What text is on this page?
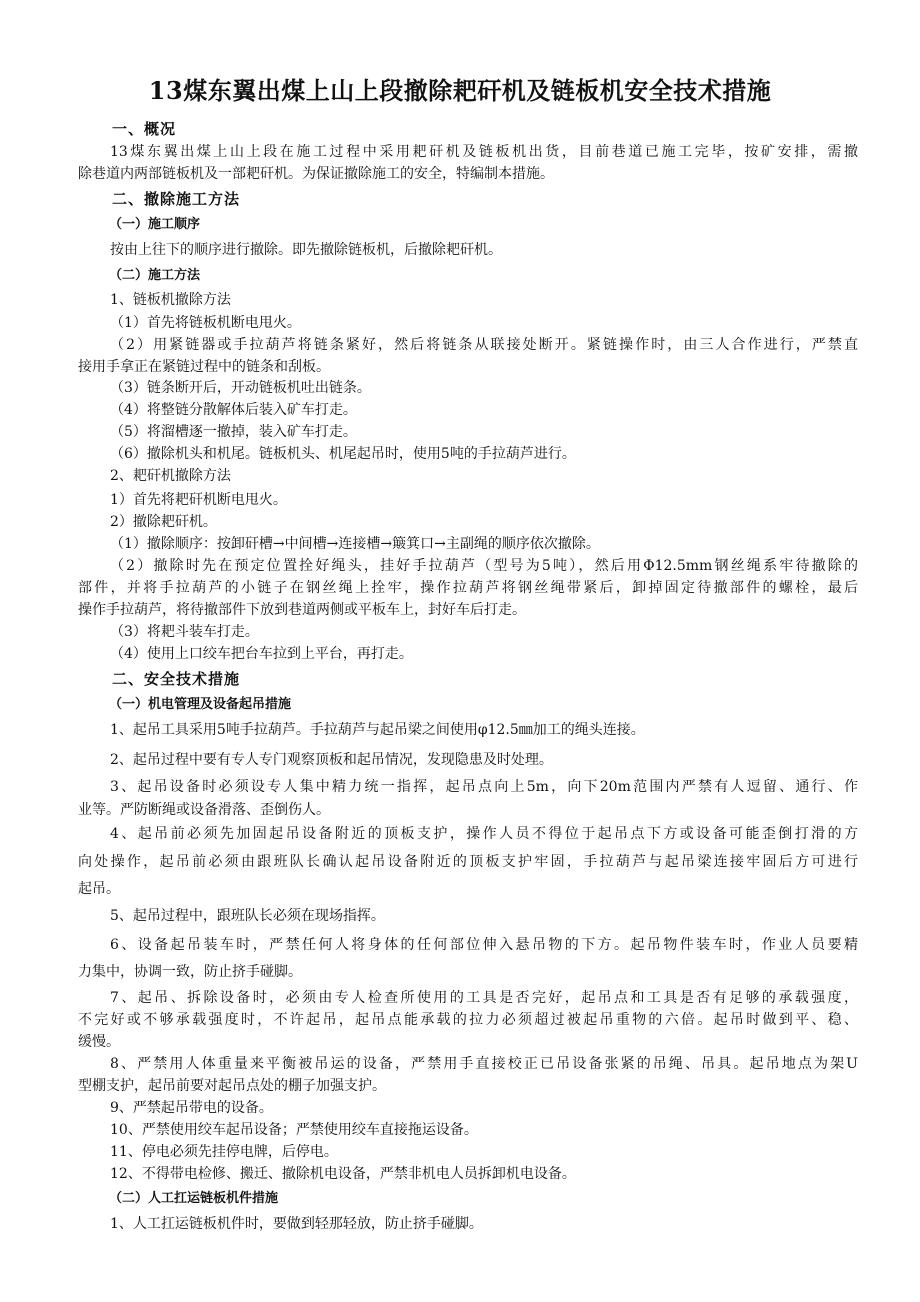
13煤东翼出煤上山上段撤除耙矸机及链板机安全技术措施
一、概况
13煤东翼出煤上山上段在施工过程中采用耙矸机及链板机出货，目前巷道已施工完毕，按矿安排，需撤
除巷道内两部链板机及一部耙矸机。为保证撤除施工的安全，特编制本措施。
二、撤除施工方法
（一）施工顺序
按由上往下的顺序进行撤除。即先撤除链板机，后撤除耙矸机。
（二）施工方法
1、链板机撤除方法
（1）首先将链板机断电甩火。
（2）用紧链器或手拉葫芦将链条紧好，然后将链条从联接处断开。紧链操作时，由三人合作进行，严禁直
接用手拿正在紧链过程中的链条和刮板。
（3）链条断开后，开动链板机吐出链条。
（4）将整链分散解体后装入矿车打走。
（5）将溜槽逐一撤掉，装入矿车打走。
（6）撤除机头和机尾。链板机头、机尾起吊时，使用5吨的手拉葫芦进行。
2、耙矸机撤除方法
1）首先将耙矸机断电甩火。
2）撤除耙矸机。
（1）撤除顺序：按卸矸槽→中间槽→连接槽→簸箕口→主副绳的顺序依次撤除。
（2）撤除时先在预定位置拴好绳头，挂好手拉葫芦（型号为5吨），然后用Φ12.5mm钢丝绳系牢待撤除的
部件，并将手拉葫芦的小链子在钢丝绳上拴牢，操作拉葫芦将钢丝绳带紧后，卸掉固定待撤部件的螺栓，最后
操作手拉葫芦，将待撤部件下放到巷道两侧或平板车上，封好车后打走。
（3）将耙斗装车打走。
（4）使用上口绞车把台车拉到上平台，再打走。
二、安全技术措施
（一）机电管理及设备起吊措施
1、起吊工具采用5吨手拉葫芦。手拉葫芦与起吊梁之间使用φ12.5㎜加工的绳头连接。
2、起吊过程中要有专人专门观察顶板和起吊情况，发现隐患及时处理。
3、起吊设备时必须设专人集中精力统一指挥，起吊点向上5m，向下20m范围内严禁有人逗留、通行、作
业等。严防断绳或设备滑落、歪倒伤人。
4、起吊前必须先加固起吊设备附近的顶板支护，操作人员不得位于起吊点下方或设备可能歪倒打滑的方
向处操作，起吊前必须由跟班队长确认起吊设备附近的顶板支护牢固，手拉葫芦与起吊梁连接牢固后方可进行
起吊。
5、起吊过程中，跟班队长必须在现场指挥。
6、设备起吊装车时，严禁任何人将身体的任何部位伸入悬吊物的下方。起吊物件装车时，作业人员要精
力集中，协调一致，防止挤手碰脚。
7、起吊、拆除设备时，必须由专人检查所使用的工具是否完好，起吊点和工具是否有足够的承载强度，
不完好或不够承载强度时，不许起吊，起吊点能承载的拉力必须超过被起吊重物的六倍。起吊时做到平、稳、
缓慢。
8、严禁用人体重量来平衡被吊运的设备，严禁用手直接校正已吊设备张紧的吊绳、吊具。起吊地点为架U
型棚支护，起吊前要对起吊点处的棚子加强支护。
9、严禁起吊带电的设备。
10、严禁使用绞车起吊设备；严禁使用绞车直接拖运设备。
11、停电必须先挂停电牌，后停电。
12、不得带电检修、搬迁、撤除机电设备，严禁非机电人员拆卸机电设备。
（二）人工扛运链板机件措施
1、人工扛运链板机件时，要做到轻那轻放，防止挤手碰脚。
